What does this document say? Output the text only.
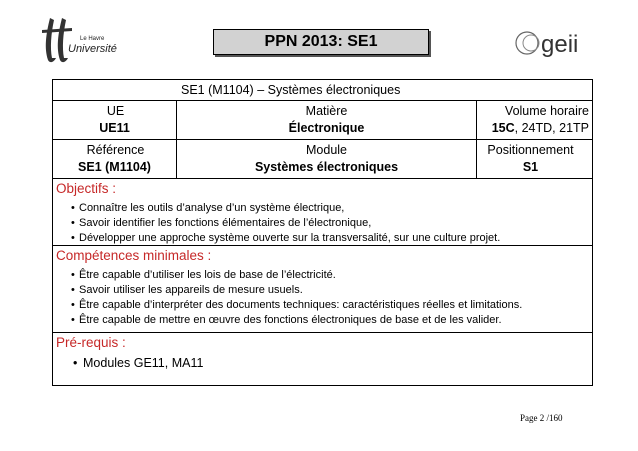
Le Havre
Université	PPN 2013: SE1	geii
SE1 (M1104) – Systèmes électroniques
UE
UE11
Matière
Électronique
Volume horaire
15C, 24TD, 21TP
Référence
SE1 (M1104)
Module
Systèmes électroniques
Positionnement
S1
Objectifs :
• Connaître les outils d’analyse d’un système électrique,
• Savoir identifier les fonctions élémentaires de l’électronique,
• Développer une approche système ouverte sur la transversalité, sur une culture projet.
Compétences minimales :
• Être capable d’utiliser les lois de base de l’électricité.
• Savoir utiliser les appareils de mesure usuels.
• Être capable d’interpréter des documents techniques: caractéristiques réelles et limitations.
• Être capable de mettre en œuvre des fonctions électroniques de base et de les valider.
Pré-requis :
• Modules GE11, MA11
Page 2 /160
